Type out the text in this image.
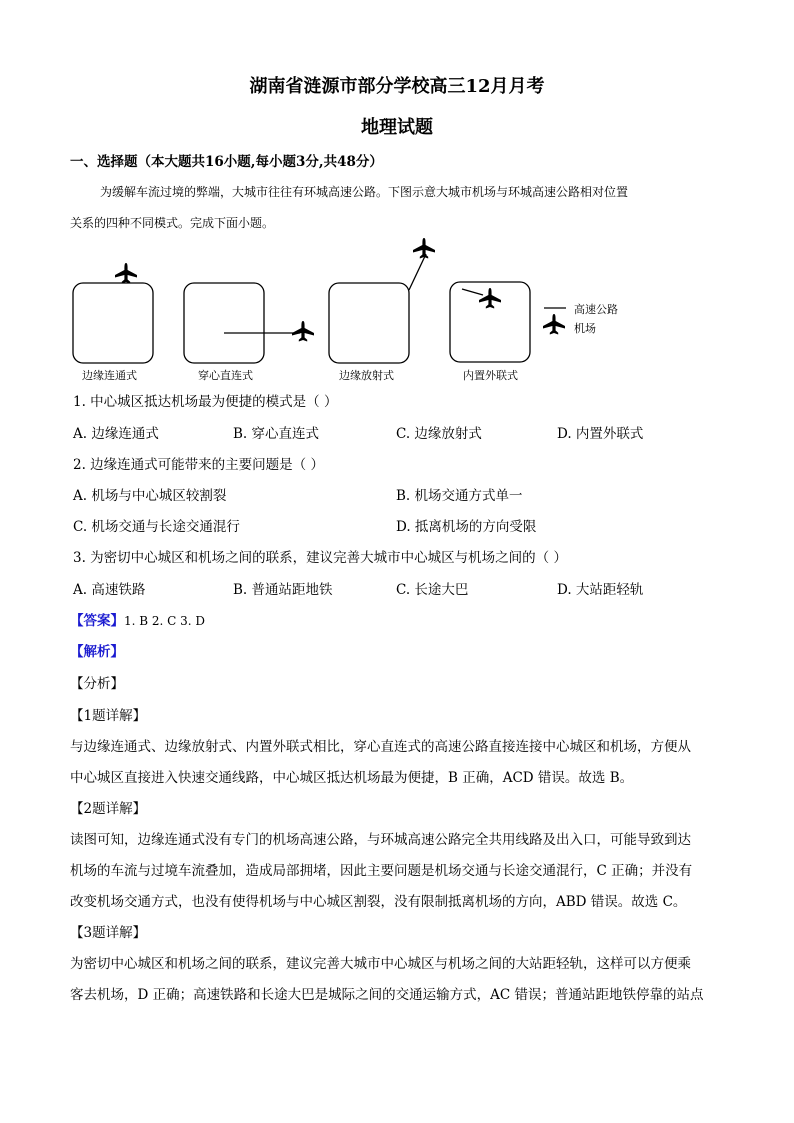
湖南省涟源市部分学校高三12月月考
地理试题
一、选择题（本大题共16小题,每小题3分,共48分）
为缓解车流过境的弊端，大城市往往有环城高速公路。下图示意大城市机场与环城高速公路相对位置
关系的四种不同模式。完成下面小题。
边缘连通式	穿心直连式	边缘放射式	内置外联式
高速公路
机场
1. 中心城区抵达机场最为便捷的模式是（ ）
A. 边缘连通式	B. 穿心直连式	C. 边缘放射式	D. 内置外联式
2. 边缘连通式可能带来的主要问题是（ ）
A. 机场与中心城区较割裂	B. 机场交通方式单一
C. 机场交通与长途交通混行	D. 抵离机场的方向受限
3. 为密切中心城区和机场之间的联系，建议完善大城市中心城区与机场之间的（ ）
A. 高速铁路	B. 普通站距地铁	C. 长途大巴	D. 大站距轻轨
【答案】1. B 2. C 3. D
【解析】
【分析】
【1题详解】
与边缘连通式、边缘放射式、内置外联式相比，穿心直连式的高速公路直接连接中心城区和机场，方便从
中心城区直接进入快速交通线路，中心城区抵达机场最为便捷，B 正确，ACD 错误。故选 B。
【2题详解】
读图可知，边缘连通式没有专门的机场高速公路，与环城高速公路完全共用线路及出入口，可能导致到达
机场的车流与过境车流叠加，造成局部拥堵，因此主要问题是机场交通与长途交通混行，C 正确；并没有
改变机场交通方式，也没有使得机场与中心城区割裂，没有限制抵离机场的方向，ABD 错误。故选 C。
【3题详解】
为密切中心城区和机场之间的联系，建议完善大城市中心城区与机场之间的大站距轻轨，这样可以方便乘
客去机场，D 正确；高速铁路和长途大巴是城际之间的交通运输方式，AC 错误；普通站距地铁停靠的站点
